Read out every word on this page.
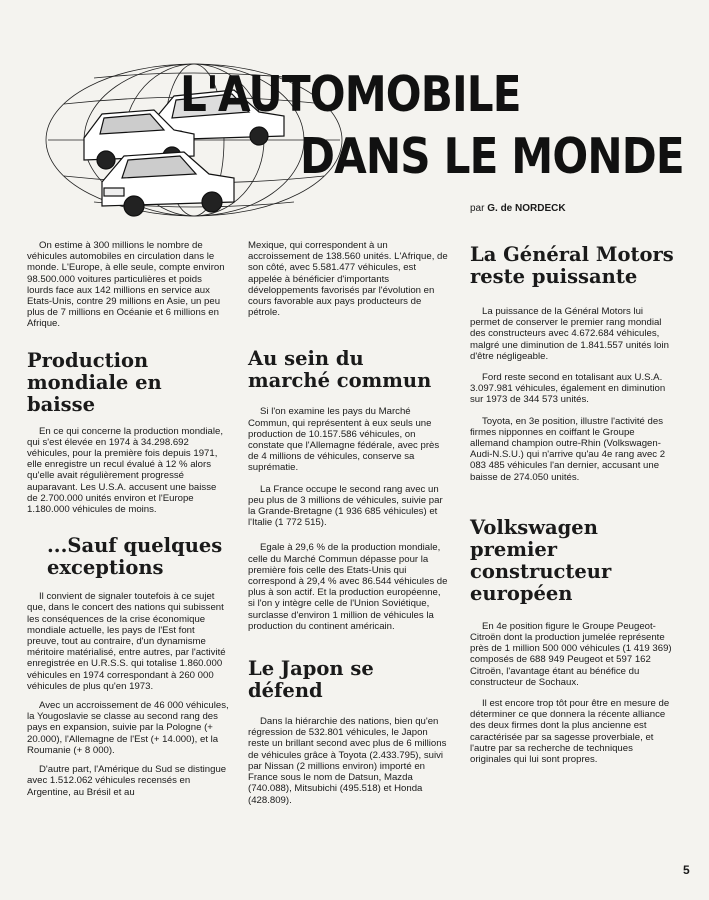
L'AUTOMOBILE
DANS LE MONDE
par G. de NORDECK

On estime à 300 millions le nombre de véhicules automobiles en circulation dans le monde. L'Europe, à elle seule, compte environ 98.500.000 voitures particulières et poids lourds face aux 142 millions en service aux Etats-Unis, contre 29 millions en Asie, un peu plus de 7 millions en Océanie et 6 millions en Afrique.

Production mondiale en baisse

En ce qui concerne la production mondiale, qui s'est élevée en 1974 à 34.298.692 véhicules, pour la première fois depuis 1971, elle enregistre un recul évalué à 12 % alors qu'elle avait régulièrement progressé auparavant. Les U.S.A. accusent une baisse de 2.700.000 unités environ et l'Europe 1.180.000 véhicules de moins.

...Sauf quelques exceptions

Il convient de signaler toutefois à ce sujet que, dans le concert des nations qui subissent les conséquences de la crise économique mondiale actuelle, les pays de l'Est font preuve, tout au contraire, d'un dynamisme méritoire matérialisé, entre autres, par l'activité enregistrée en U.R.S.S. qui totalise 1.860.000 véhicules en 1974 correspondant à 260 000 véhicules de plus qu'en 1973.

Avec un accroissement de 46 000 véhicules, la Yougoslavie se classe au second rang des pays en expansion, suivie par la Pologne (+ 20.000), l'Allemagne de l'Est (+ 14.000), et la Roumanie (+ 8 000).

D'autre part, l'Amérique du Sud se distingue avec 1.512.062 véhicules recensés en Argentine, au Brésil et au

Mexique, qui correspondent à un accroissement de 138.560 unités. L'Afrique, de son côté, avec 5.581.477 véhicules, est appelée à bénéficier d'importants développements favorisés par l'évolution en cours favorable aux pays producteurs de pétrole.

Au sein du marché commun

Si l'on examine les pays du Marché Commun, qui représentent à eux seuls une production de 10.157.586 véhicules, on constate que l'Allemagne fédérale, avec près de 4 millions de véhicules, conserve sa suprématie.

La France occupe le second rang avec un peu plus de 3 millions de véhicules, suivie par la Grande-Bretagne (1 936 685 véhicules) et l'Italie (1 772 515).

Egale à 29,6 % de la production mondiale, celle du Marché Commun dépasse pour la première fois celle des Etats-Unis qui correspond à 29,4 % avec 86.544 véhicules de plus à son actif. Et la production européenne, si l'on y intègre celle de l'Union Soviétique, surclasse d'environ 1 million de véhicules la production du continent américain.

Le Japon se défend

Dans la hiérarchie des nations, bien qu'en régression de 532.801 véhicules, le Japon reste un brillant second avec plus de 6 millions de véhicules grâce à Toyota (2.433.795), suivi par Nissan (2 millions environ) importé en France sous le nom de Datsun, Mazda (740.088), Mitsubichi (495.518) et Honda (428.809).

La Général Motors reste puissante

La puissance de la Général Motors lui permet de conserver le premier rang mondial des constructeurs avec 4.672.684 véhicules, malgré une diminution de 1.841.557 unités loin d'être négligeable.

Ford reste second en totalisant aux U.S.A. 3.097.981 véhicules, également en diminution sur 1973 de 344 573 unités.

Toyota, en 3e position, illustre l'activité des firmes nipponnes en coiffant le Groupe allemand champion outre-Rhin (Volkswagen-Audi-N.S.U.) qui n'arrive qu'au 4e rang avec 2 083 485 véhicules l'an dernier, accusant une baisse de 274.050 unités.

Volkswagen premier constructeur européen

En 4e position figure le Groupe Peugeot-Citroën dont la production jumelée représente près de 1 million 500 000 véhicules (1 419 369) composés de 688 949 Peugeot et 597 162 Citroën, l'avantage étant au bénéfice du constructeur de Sochaux.

Il est encore trop tôt pour être en mesure de déterminer ce que donnera la récente alliance des deux firmes dont la plus ancienne est caractérisée par sa sagesse proverbiale, et l'autre par sa recherche de techniques originales qui lui sont propres.

5
